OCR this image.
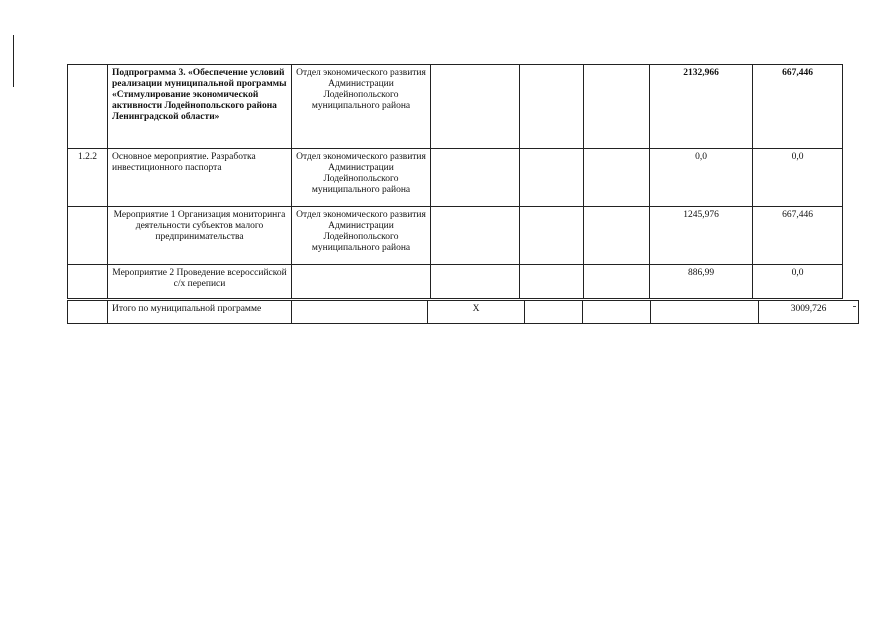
	Подпрограмма 3. «Обеспечение условий реализации муниципальной программы «Стимулирование экономической активности Лодейнопольского района Ленинградской области»	Отдел экономического развития Администрации Лодейнопольского муниципального района				2132,966	667,446
1.2.2	Основное мероприятие. Разработка инвестиционного паспорта	Отдел экономического развития Администрации Лодейнопольского муниципального района				0,0	0,0
	Мероприятие 1 Организация мониторинга деятельности субъектов малого предпринимательства	Отдел экономического развития Администрации Лодейнопольского муниципального района				1245,976	667,446
	Мероприятие 2 Проведение всероссийской с/х переписи					886,99	0,0
	Итого по муниципальной программе		Х				3009,726
